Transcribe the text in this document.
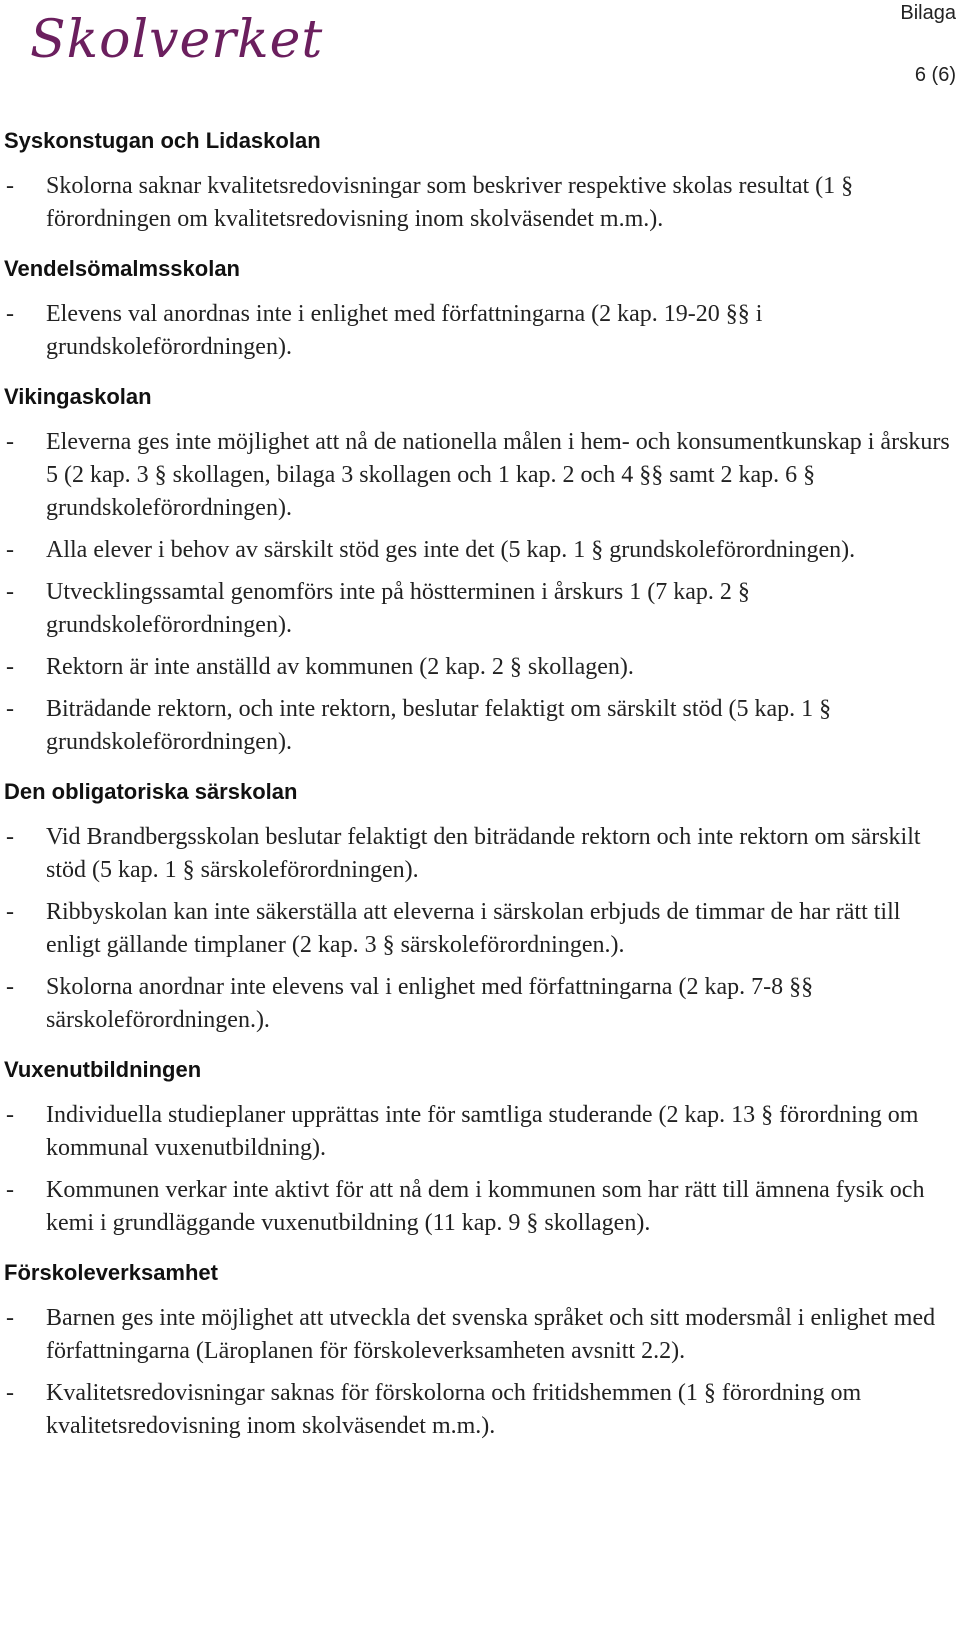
Skolverket	Bilaga
6 (6)
Syskonstugan och Lidaskolan
- Skolorna saknar kvalitetsredovisningar som beskriver respektive skolas resultat (1 § förordningen om kvalitetsredovisning inom skolväsendet m.m.).
Vendelsömalmsskolan
- Elevens val anordnas inte i enlighet med författningarna (2 kap. 19-20 §§ i grundskoleförordningen).
Vikingaskolan
- Eleverna ges inte möjlighet att nå de nationella målen i hem- och konsumentkunskap i årskurs 5 (2 kap. 3 § skollagen, bilaga 3 skollagen och 1 kap. 2 och 4 §§ samt 2 kap. 6 § grundskoleförordningen).
- Alla elever i behov av särskilt stöd ges inte det (5 kap. 1 § grundskoleförordningen).
- Utvecklingssamtal genomförs inte på höstterminen i årskurs 1 (7 kap. 2 § grundskoleförordningen).
- Rektorn är inte anställd av kommunen (2 kap. 2 § skollagen).
- Biträdande rektorn, och inte rektorn, beslutar felaktigt om särskilt stöd (5 kap. 1 § grundskoleförordningen).
Den obligatoriska särskolan
- Vid Brandbergsskolan beslutar felaktigt den biträdande rektorn och inte rektorn om särskilt stöd (5 kap. 1 § särskoleförordningen).
- Ribbyskolan kan inte säkerställa att eleverna i särskolan erbjuds de timmar de har rätt till enligt gällande timplaner (2 kap. 3 § särskoleförordningen.).
- Skolorna anordnar inte elevens val i enlighet med författningarna (2 kap. 7-8 §§ särskoleförordningen.).
Vuxenutbildningen
- Individuella studieplaner upprättas inte för samtliga studerande (2 kap. 13 § förordning om kommunal vuxenutbildning).
- Kommunen verkar inte aktivt för att nå dem i kommunen som har rätt till ämnena fysik och kemi i grundläggande vuxenutbildning (11 kap. 9 § skollagen).
Förskoleverksamhet
- Barnen ges inte möjlighet att utveckla det svenska språket och sitt modersmål i enlighet med författningarna (Läroplanen för förskoleverksamheten avsnitt 2.2).
- Kvalitetsredovisningar saknas för förskolorna och fritidshemmen (1 § förordning om kvalitetsredovisning inom skolväsendet m.m.).
